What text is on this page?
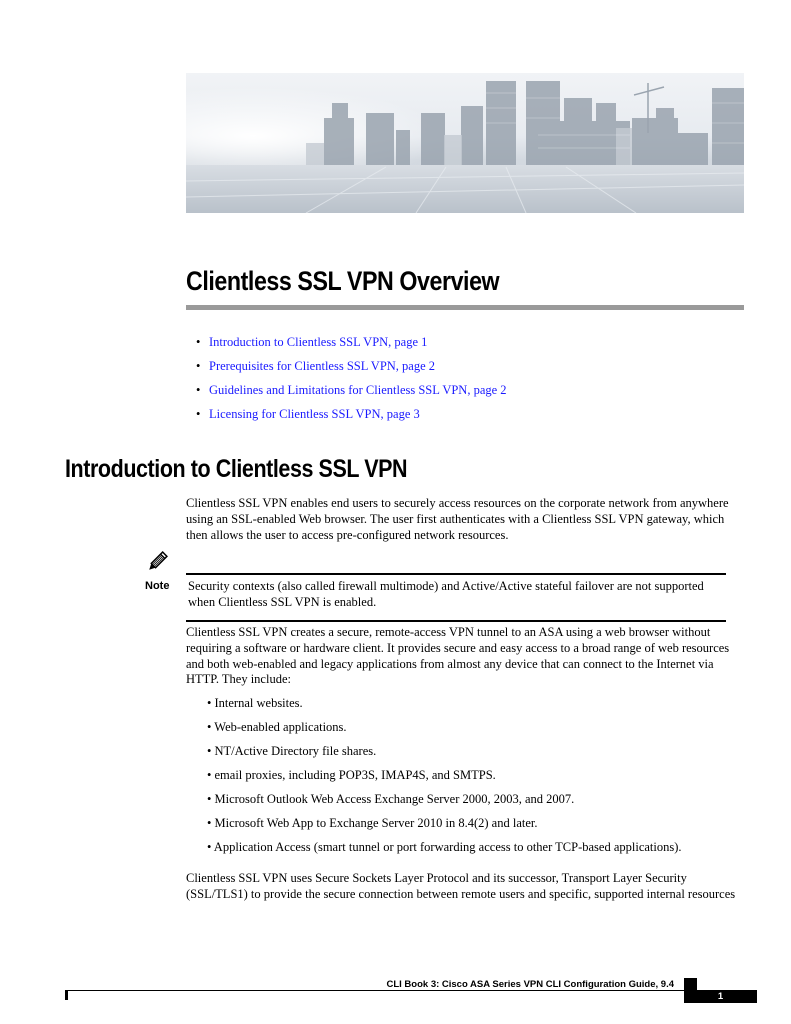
Clientless SSL VPN Overview
• Introduction to Clientless SSL VPN, page 1
• Prerequisites for Clientless SSL VPN, page 2
• Guidelines and Limitations for Clientless SSL VPN, page 2
• Licensing for Clientless SSL VPN, page 3
Introduction to Clientless SSL VPN

Clientless SSL VPN enables end users to securely access resources on the corporate network from anywhere using an SSL-enabled Web browser. The user first authenticates with a Clientless SSL VPN gateway, which then allows the user to access pre-configured network resources.

Note Security contexts (also called firewall multimode) and Active/Active stateful failover are not supported when Clientless SSL VPN is enabled.

Clientless SSL VPN creates a secure, remote-access VPN tunnel to an ASA using a web browser without requiring a software or hardware client. It provides secure and easy access to a broad range of web resources and both web-enabled and legacy applications from almost any device that can connect to the Internet via HTTP. They include:

• Internal websites.
• Web-enabled applications.
• NT/Active Directory file shares.
• email proxies, including POP3S, IMAP4S, and SMTPS.
• Microsoft Outlook Web Access Exchange Server 2000, 2003, and 2007.
• Microsoft Web App to Exchange Server 2010 in 8.4(2) and later.
• Application Access (smart tunnel or port forwarding access to other TCP-based applications).

Clientless SSL VPN uses Secure Sockets Layer Protocol and its successor, Transport Layer Security (SSL/TLS1) to provide the secure connection between remote users and specific, supported internal resources

CLI Book 3: Cisco ASA Series VPN CLI Configuration Guide, 9.4
1
